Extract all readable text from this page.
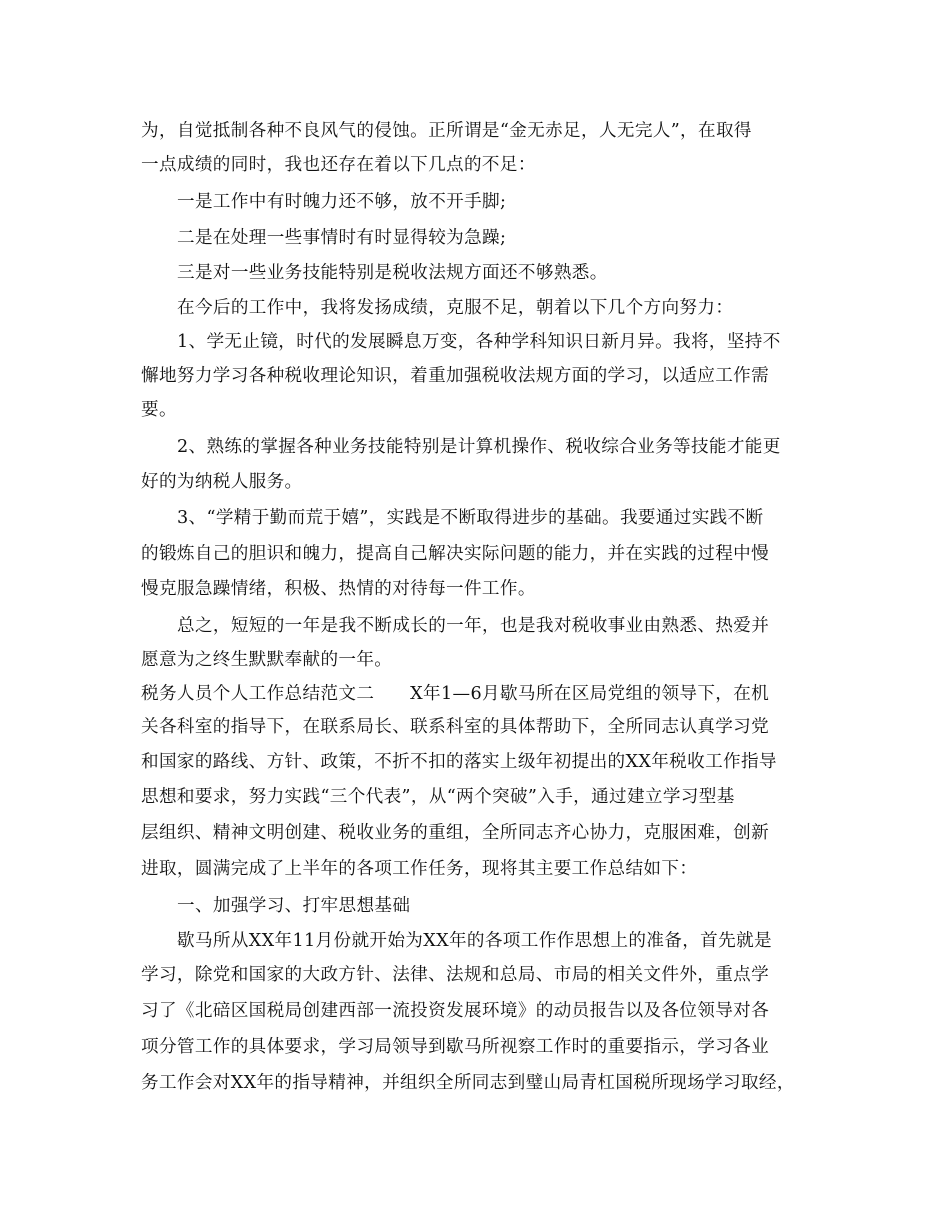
为，自觉抵制各种不良风气的侵蚀。正所谓是“金无赤足，人无完人”，在取得
一点成绩的同时，我也还存在着以下几点的不足：
一是工作中有时魄力还不够，放不开手脚;
二是在处理一些事情时有时显得较为急躁;
三是对一些业务技能特别是税收法规方面还不够熟悉。
在今后的工作中，我将发扬成绩，克服不足，朝着以下几个方向努力：
1、学无止镜，时代的发展瞬息万变，各种学科知识日新月异。我将，坚持不
懈地努力学习各种税收理论知识，着重加强税收法规方面的学习，以适应工作需
要。
2、熟练的掌握各种业务技能特别是计算机操作、税收综合业务等技能才能更
好的为纳税人服务。
3、“学精于勤而荒于嬉”，实践是不断取得进步的基础。我要通过实践不断
的锻炼自己的胆识和魄力，提高自己解决实际问题的能力，并在实践的过程中慢
慢克服急躁情绪，积极、热情的对待每一件工作。
总之，短短的一年是我不断成长的一年，也是我对税收事业由熟悉、热爱并
愿意为之终生默默奉献的一年。
税务人员个人工作总结范文二　　X年1—6月歇马所在区局党组的领导下，在机
关各科室的指导下，在联系局长、联系科室的具体帮助下，全所同志认真学习党
和国家的路线、方针、政策，不折不扣的落实上级年初提出的XX年税收工作指导
思想和要求，努力实践“三个代表”，从“两个突破”入手，通过建立学习型基
层组织、精神文明创建、税收业务的重组，全所同志齐心协力，克服困难，创新
进取，圆满完成了上半年的各项工作任务，现将其主要工作总结如下：
一、加强学习、打牢思想基础
歇马所从XX年11月份就开始为XX年的各项工作作思想上的准备，首先就是
学习，除党和国家的大政方针、法律、法规和总局、市局的相关文件外，重点学
习了《北碚区国税局创建西部一流投资发展环境》的动员报告以及各位领导对各
项分管工作的具体要求，学习局领导到歇马所视察工作时的重要指示，学习各业
务工作会对XX年的指导精神，并组织全所同志到璧山局青杠国税所现场学习取经，
